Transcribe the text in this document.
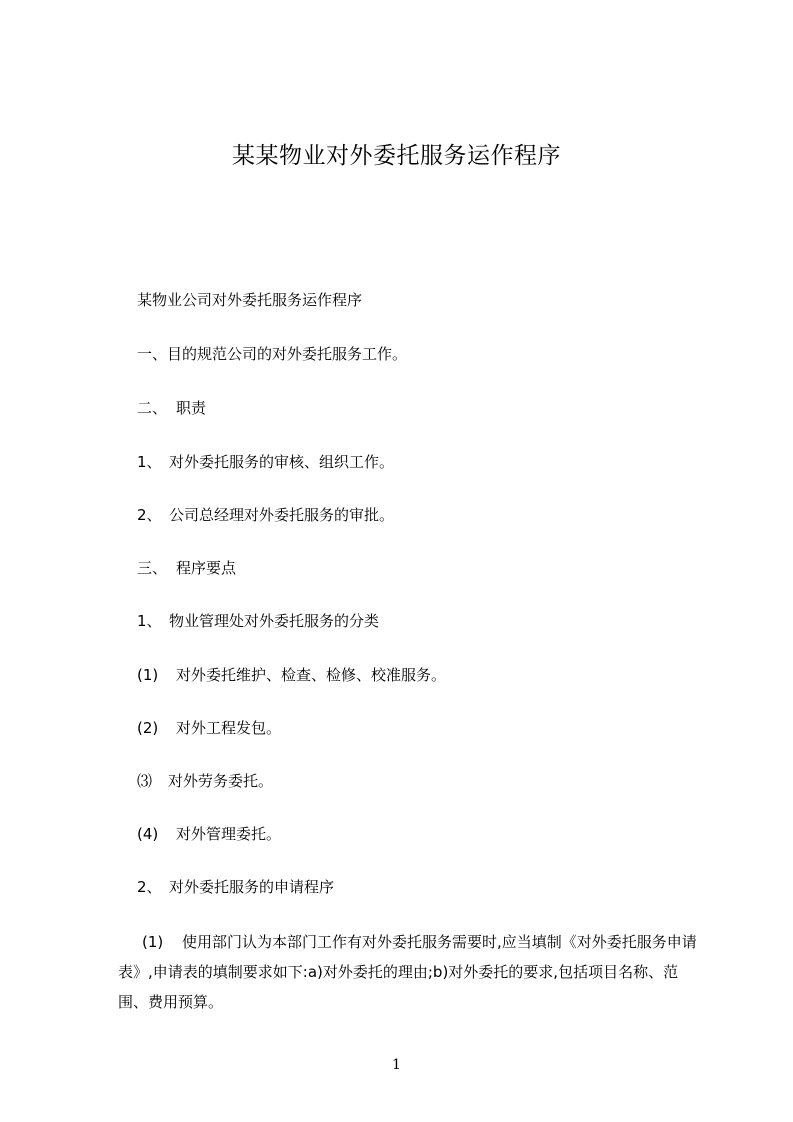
某某物业对外委托服务运作程序
某物业公司对外委托服务运作程序
一、目的规范公司的对外委托服务工作。
二、 职责
1、 对外委托服务的审核、组织工作。
2、 公司总经理对外委托服务的审批。
三、 程序要点
1、 物业管理处对外委托服务的分类
(1) 对外委托维护、检查、检修、校准服务。
(2) 对外工程发包。
⑶ 对外劳务委托。
(4) 对外管理委托。
2、 对外委托服务的申请程序
(1) 使用部门认为本部门工作有对外委托服务需要时,应当填制《对外委托服务申请表》,申请表的填制要求如下:a)对外委托的理由;b)对外委托的要求,包括项目名称、范围、费用预算。
1
